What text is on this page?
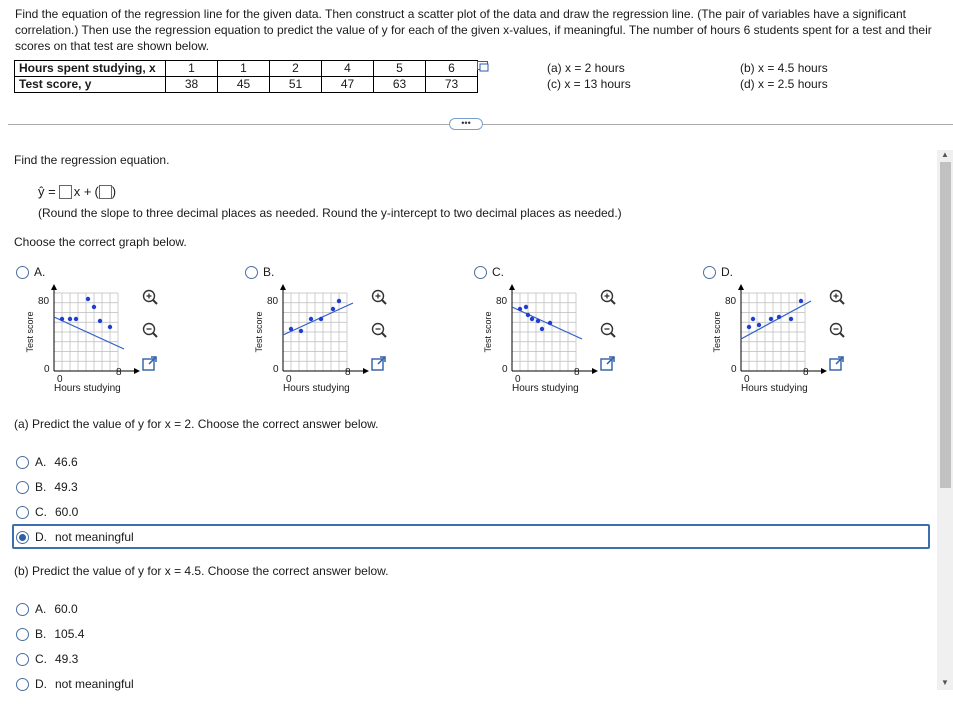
Find the equation of the regression line for the given data. Then construct a scatter plot of the data and draw the regression line. (The pair of variables have a significant correlation.) Then use the regression equation to predict the value of y for each of the given x-values, if meaningful. The number of hours 6 students spent for a test and their scores on that test are shown below.
Hours spent studying, x	1	1	2	4	5	6
Test score, y	38	45	51	47	63	73
(a) x = 2 hours
(c) x = 13 hours
(b) x = 4.5 hours
(d) x = 2.5 hours
•••
Find the regression equation.
ŷ = x + ( )
(Round the slope to three decimal places as needed. Round the y-intercept to two decimal places as needed.)
Choose the correct graph below.
A.
80
0
0
8
Hours studying
Test score
B.
80
0
0
8
Hours studying
Test score
C.
80
0
0
8
Hours studying
Test score
D.
80
0
0
8
Hours studying
Test score
(a) Predict the value of y for x = 2. Choose the correct answer below.
A. 46.6
B. 49.3
C. 60.0
D. not meaningful
(b) Predict the value of y for x = 4.5. Choose the correct answer below.
A. 60.0
B. 105.4
C. 49.3
D. not meaningful
▲
▼
